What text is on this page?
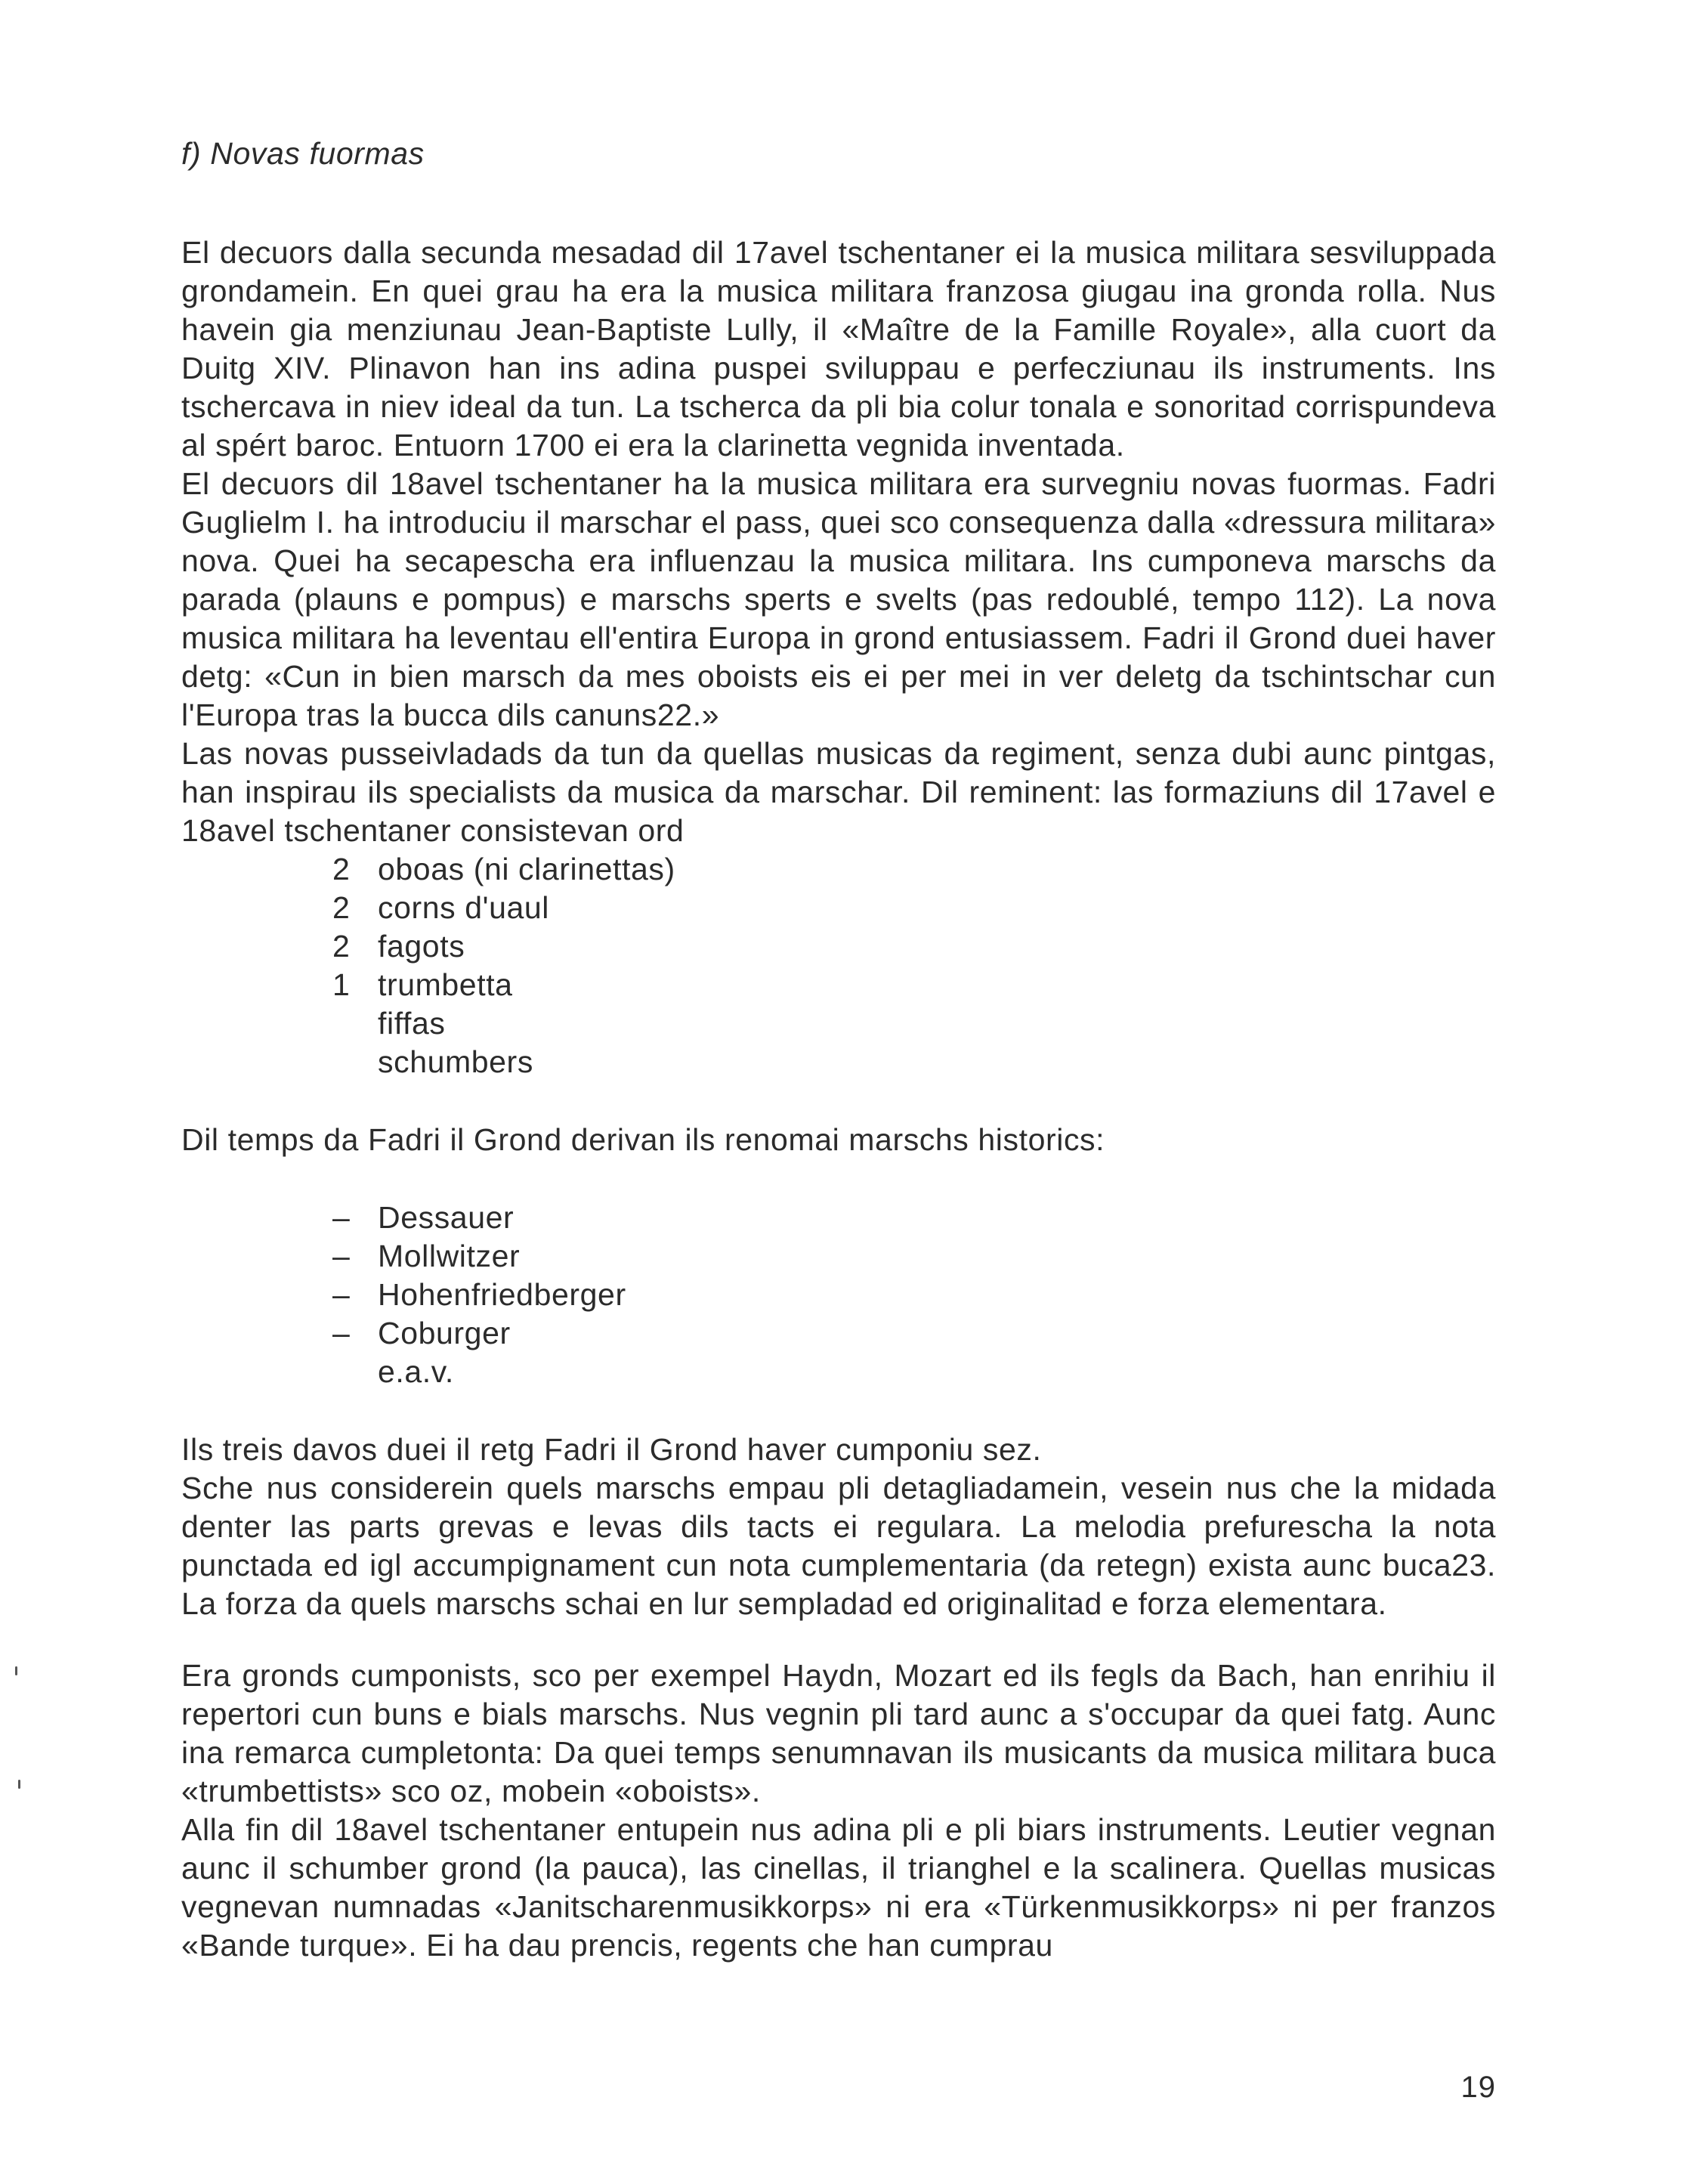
f) Novas fuormas

El decuors dalla secunda mesadad dil 17avel tschentaner ei la musica militara sesviluppada grondamein. En quei grau ha era la musica militara franzosa giugau ina gronda rolla. Nus havein gia menziunau Jean-Baptiste Lully, il «Maître de la Famille Royale», alla cuort da Duitg XIV. Plinavon han ins adina puspei sviluppau e perfecziunau ils instruments. Ins tschercava in niev ideal da tun. La tscherca da pli bia colur tonala e sonoritad corrispundeva al spért baroc. Entuorn 1700 ei era la clarinetta vegnida inventada.

El decuors dil 18avel tschentaner ha la musica militara era survegniu novas fuormas. Fadri Guglielm I. ha introduciu il marschar el pass, quei sco consequenza dalla «dressura militara» nova. Quei ha secapescha era influenzau la musica militara. Ins cumponeva marschs da parada (plauns e pompus) e marschs sperts e svelts (pas redoublé, tempo 112). La nova musica militara ha leventau ell'entira Europa in grond entusiassem. Fadri il Grond duei haver detg: «Cun in bien marsch da mes oboists eis ei per mei in ver deletg da tschintschar cun l'Europa tras la bucca dils canuns22.»

Las novas pusseivladads da tun da quellas musicas da regiment, senza dubi aunc pintgas, han inspirau ils specialists da musica da marschar. Dil reminent: las formaziuns dil 17avel e 18avel tschentaner consistevan ord

2 oboas (ni clarinettas)
2 corns d'uaul
2 fagots
1 trumbetta
fiffas
schumbers

Dil temps da Fadri il Grond derivan ils renomai marschs historics:

– Dessauer
– Mollwitzer
– Hohenfriedberger
– Coburger
e.a.v.

Ils treis davos duei il retg Fadri il Grond haver cumponiu sez.

Sche nus considerein quels marschs empau pli detagliadamein, vesein nus che la midada denter las parts grevas e levas dils tacts ei regulara. La melodia prefurescha la nota punctada ed igl accumpignament cun nota cumplementaria (da retegn) exista aunc buca23. La forza da quels marschs schai en lur sempladad ed originalitad e forza elementara.

Era gronds cumponists, sco per exempel Haydn, Mozart ed ils fegls da Bach, han enrihiu il repertori cun buns e bials marschs. Nus vegnin pli tard aunc a s'occupar da quei fatg. Aunc ina remarca cumpletonta: Da quei temps senumnavan ils musicants da musica militara buca «trumbettists» sco oz, mobein «oboists».

Alla fin dil 18avel tschentaner entupein nus adina pli e pli biars instruments. Leutier vegnan aunc il schumber grond (la pauca), las cinellas, il trianghel e la scalinera. Quellas musicas vegnevan numnadas «Janitscharenmusikkorps» ni era «Türkenmusikkorps» ni per franzos «Bande turque». Ei ha dau prencis, regents che han cumprau

19
